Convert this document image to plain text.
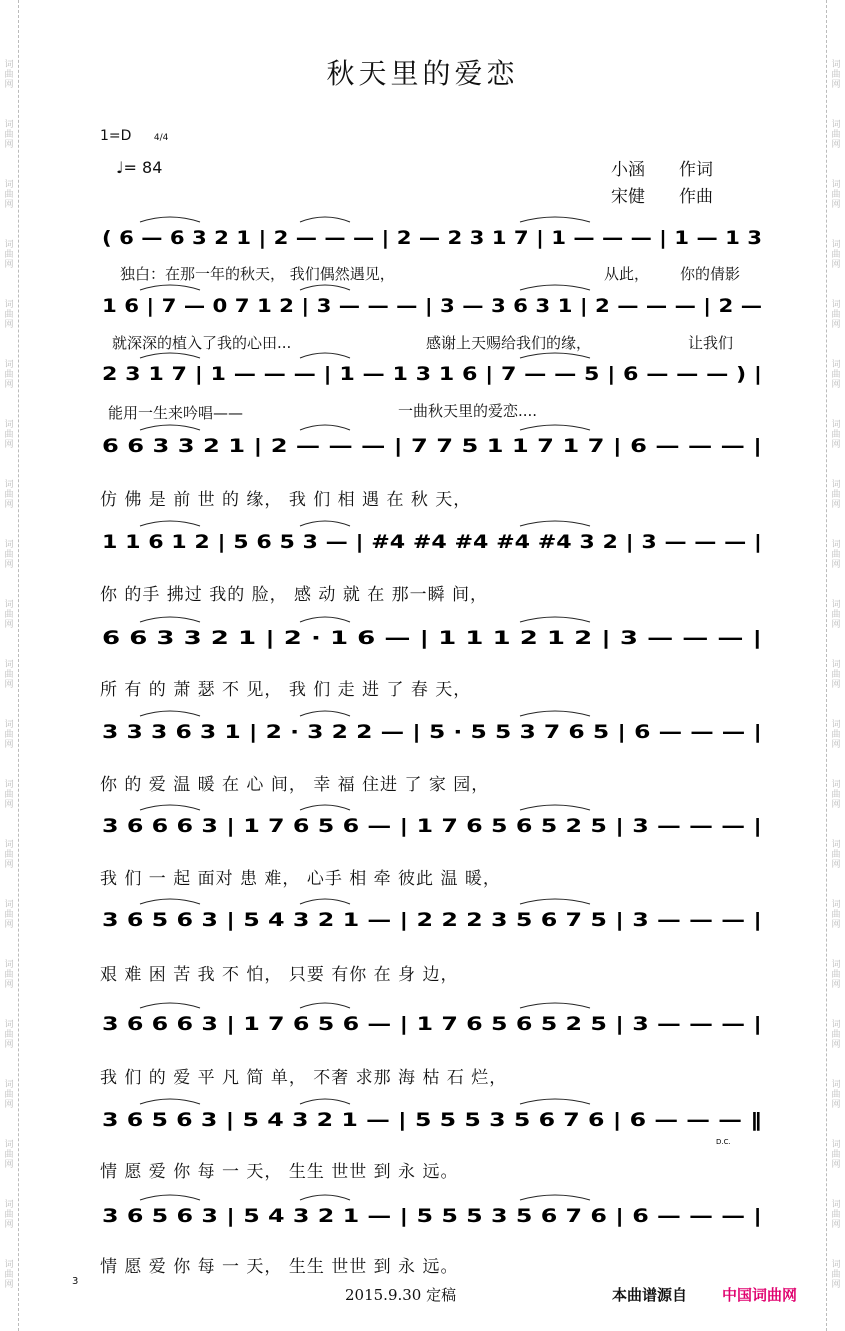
词
曲
网
词
曲
网
词
曲
网
词
曲
网
词
曲
网
词
曲
网
词
曲
网
词
曲
网
词
曲
网
词
曲
网
词
曲
网
词
曲
网
词
曲
网
词
曲
网
词
曲
网
词
曲
网
词
曲
网
词
曲
网
词
曲
网
词
曲
网
词
曲
网
词
曲
网
词
曲
网
词
曲
网
词
曲
网
词
曲
网
词
曲
网
词
曲
网
词
曲
网
词
曲
网
词
曲
网
词
曲
网
词
曲
网
词
曲
网
词
曲
网
词
曲
网
词
曲
网
词
曲
网
词
曲
网
词
曲
网
词
曲
网
词
曲
网
秋天里的爱恋
1=D 4/4
♩= 84	小涵 作词
宋健 作曲
( 6 — 6 3 2 1 | 2 — — — | 2 — 2 3 1 7 | 1 — — — | 1 — 1 3
1 6 | 7 — 0 7 1 2 | 3 — — — | 3 — 3 6 3 1 | 2 — — — | 2 —
2 3 1 7 | 1 — — — | 1 — 1 3 1 6 | 7 — — 5 | 6 — — — ) |
6 6 3 3 2 1 | 2 — — — | 7 7 5 1 1 7 1 7 | 6 — — — |
1 1 6 1 2 | 5 6 5 3 — | #4 #4 #4 #4 #4 3 2 | 3 — — — |
6 6 3 3 2 1 | 2 · 1 6 — | 1 1 1 2 1 2 | 3 — — — |
3 3 3 6 3 1 | 2 · 3 2 2 — | 5 · 5 5 3 7 6 5 | 6 — — — |
3 6 6 6 3 | 1 7 6 5 6 — | 1 7 6 5 6 5 2 5 | 3 — — — |
3 6 5 6 3 | 5 4 3 2 1 — | 2 2 2 3 5 6 7 5 | 3 — — — |
3 6 6 6 3 | 1 7 6 5 6 — | 1 7 6 5 6 5 2 5 | 3 — — — |
3 6 5 6 3 | 5 4 3 2 1 — | 5 5 5 3 5 6 7 6 | 6 — — — ‖
D.C.
3 6 5 6 3 | 5 4 3 2 1 — | 5 5 5 3 5 6 7 6 | 6 — — — |
独白：在那一年的秋天， 我们偶然遇见，	从此， 你的倩影
就深深的植入了我的心田...	感谢上天赐给我们的缘，	让我们
能用一生来吟唱——	一曲秋天里的爱恋....
仿 佛 是 前 世 的 缘， 我 们 相 遇 在 秋 天，
你 的手 拂过 我的 脸， 感 动 就 在 那一瞬 间，
所 有 的 萧 瑟 不 见， 我 们 走 进 了 春 天，
你 的 爱 温 暖 在 心 间， 幸 福 住进 了 家 园，
我 们 一 起 面对 患 难， 心手 相 牵 彼此 温 暖，
艰 难 困 苦 我 不 怕， 只要 有你 在 身 边，
我 们 的 爱 平 凡 简 单， 不奢 求那 海 枯 石 烂，
情 愿 爱 你 每 一 天， 生生 世世 到 永 远。
情 愿 爱 你 每 一 天， 生生 世世 到 永 远。
3
2015.9.30 定稿	本曲谱源自 中国词曲网
